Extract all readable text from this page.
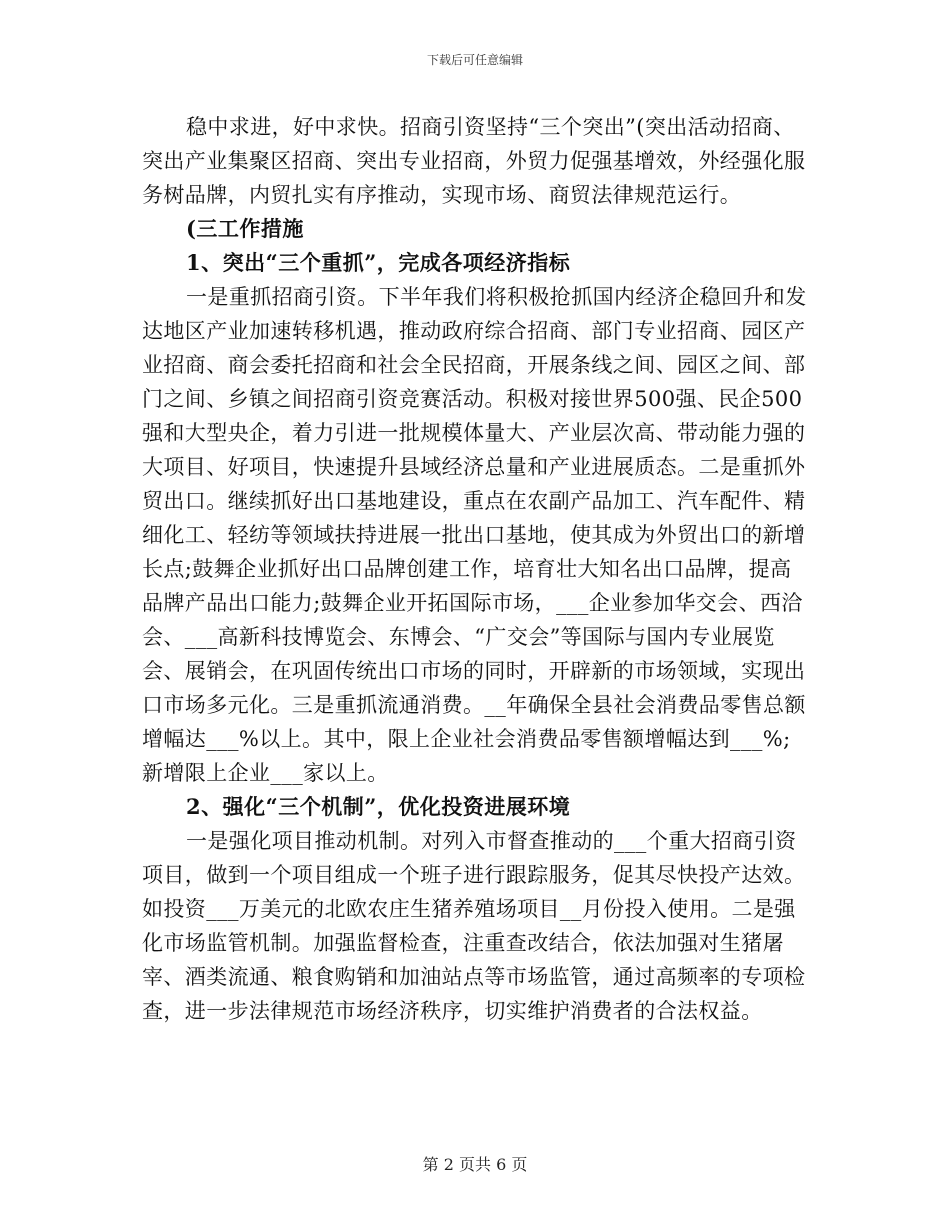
下载后可任意编辑

稳中求进，好中求快。招商引资坚持“三个突出”(突出活动招商、突出产业集聚区招商、突出专业招商，外贸力促强基增效，外经强化服务树品牌，内贸扎实有序推动，实现市场、商贸法律规范运行。

(三工作措施

1、突出“三个重抓”，完成各项经济指标

一是重抓招商引资。下半年我们将积极抢抓国内经济企稳回升和发达地区产业加速转移机遇，推动政府综合招商、部门专业招商、园区产业招商、商会委托招商和社会全民招商，开展条线之间、园区之间、部门之间、乡镇之间招商引资竞赛活动。积极对接世界500强、民企500强和大型央企，着力引进一批规模体量大、产业层次高、带动能力强的大项目、好项目，快速提升县域经济总量和产业进展质态。二是重抓外贸出口。继续抓好出口基地建设，重点在农副产品加工、汽车配件、精细化工、轻纺等领域扶持进展一批出口基地，使其成为外贸出口的新增长点;鼓舞企业抓好出口品牌创建工作，培育壮大知名出口品牌，提高品牌产品出口能力;鼓舞企业开拓国际市场，___企业参加华交会、西洽会、___高新科技博览会、东博会、“广交会”等国际与国内专业展览会、展销会，在巩固传统出口市场的同时，开辟新的市场领域，实现出口市场多元化。三是重抓流通消费。__年确保全县社会消费品零售总额增幅达___%以上。其中，限上企业社会消费品零售额增幅达到___%;新增限上企业___家以上。

2、强化“三个机制”，优化投资进展环境

一是强化项目推动机制。对列入市督查推动的___个重大招商引资项目，做到一个项目组成一个班子进行跟踪服务，促其尽快投产达效。如投资___万美元的北欧农庄生猪养殖场项目__月份投入使用。二是强化市场监管机制。加强监督检查，注重查改结合，依法加强对生猪屠宰、酒类流通、粮食购销和加油站点等市场监管，通过高频率的专项检查，进一步法律规范市场经济秩序，切实维护消费者的合法权益。

第 2 页共 6 页
